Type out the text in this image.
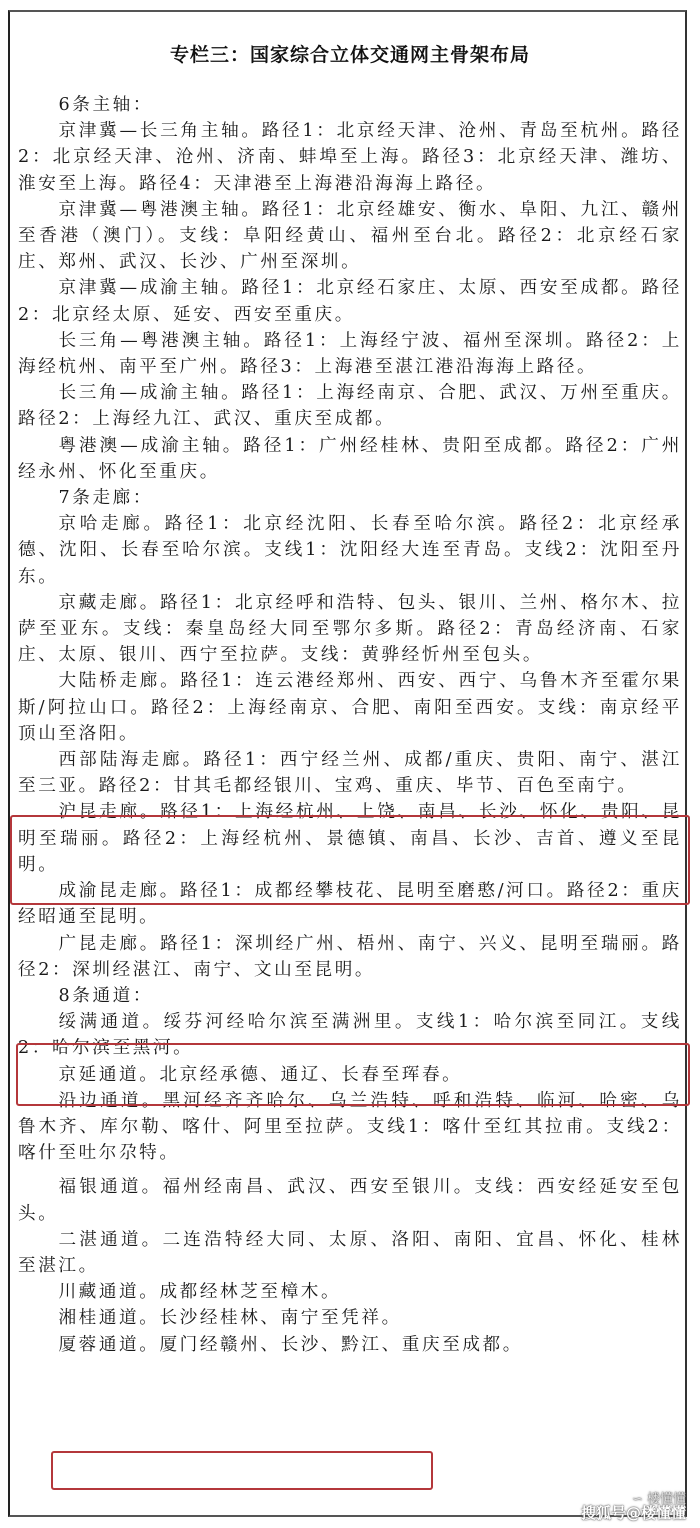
专栏三：国家综合立体交通网主骨架布局

6条主轴：

京津冀—长三角主轴。路径1：北京经天津、沧州、青岛至杭州。路径2：北京经天津、沧州、济南、蚌埠至上海。路径3：北京经天津、潍坊、淮安至上海。路径4：天津港至上海港沿海海上路径。

京津冀—粤港澳主轴。路径1：北京经雄安、衡水、阜阳、九江、赣州至香港（澳门）。支线：阜阳经黄山、福州至台北。路径2：北京经石家庄、郑州、武汉、长沙、广州至深圳。

京津冀—成渝主轴。路径1：北京经石家庄、太原、西安至成都。路径2：北京经太原、延安、西安至重庆。

长三角—粤港澳主轴。路径1：上海经宁波、福州至深圳。路径2：上海经杭州、南平至广州。路径3：上海港至湛江港沿海海上路径。

长三角—成渝主轴。路径1：上海经南京、合肥、武汉、万州至重庆。路径2：上海经九江、武汉、重庆至成都。

粤港澳—成渝主轴。路径1：广州经桂林、贵阳至成都。路径2：广州经永州、怀化至重庆。

7条走廊：

京哈走廊。路径1：北京经沈阳、长春至哈尔滨。路径2：北京经承德、沈阳、长春至哈尔滨。支线1：沈阳经大连至青岛。支线2：沈阳至丹东。

京藏走廊。路径1：北京经呼和浩特、包头、银川、兰州、格尔木、拉萨至亚东。支线：秦皇岛经大同至鄂尔多斯。路径2：青岛经济南、石家庄、太原、银川、西宁至拉萨。支线：黄骅经忻州至包头。

大陆桥走廊。路径1：连云港经郑州、西安、西宁、乌鲁木齐至霍尔果斯/阿拉山口。路径2：上海经南京、合肥、南阳至西安。支线：南京经平顶山至洛阳。

西部陆海走廊。路径1：西宁经兰州、成都/重庆、贵阳、南宁、湛江至三亚。路径2：甘其毛都经银川、宝鸡、重庆、毕节、百色至南宁。

沪昆走廊。路径1：上海经杭州、上饶、南昌、长沙、怀化、贵阳、昆明至瑞丽。路径2：上海经杭州、景德镇、南昌、长沙、吉首、遵义至昆明。

成渝昆走廊。路径1：成都经攀枝花、昆明至磨憨/河口。路径2：重庆经昭通至昆明。

广昆走廊。路径1：深圳经广州、梧州、南宁、兴义、昆明至瑞丽。路径2：深圳经湛江、南宁、文山至昆明。

8条通道：

绥满通道。绥芬河经哈尔滨至满洲里。支线1：哈尔滨至同江。支线2：哈尔滨至黑河。

京延通道。北京经承德、通辽、长春至珲春。

沿边通道。黑河经齐齐哈尔、乌兰浩特、呼和浩特、临河、哈密、乌鲁木齐、库尔勒、喀什、阿里至拉萨。支线1：喀什至红其拉甫。支线2：喀什至吐尔尕特。

福银通道。福州经南昌、武汉、西安至银川。支线：西安经延安至包头。

二湛通道。二连浩特经大同、太原、洛阳、南阳、宜昌、怀化、桂林至湛江。

川藏通道。成都经林芝至樟木。

湘桂通道。长沙经桂林、南宁至凭祥。

厦蓉通道。厦门经赣州、长沙、黔江、重庆至成都。

∽ 楼懂懂
搜狐号@楼懂懂
